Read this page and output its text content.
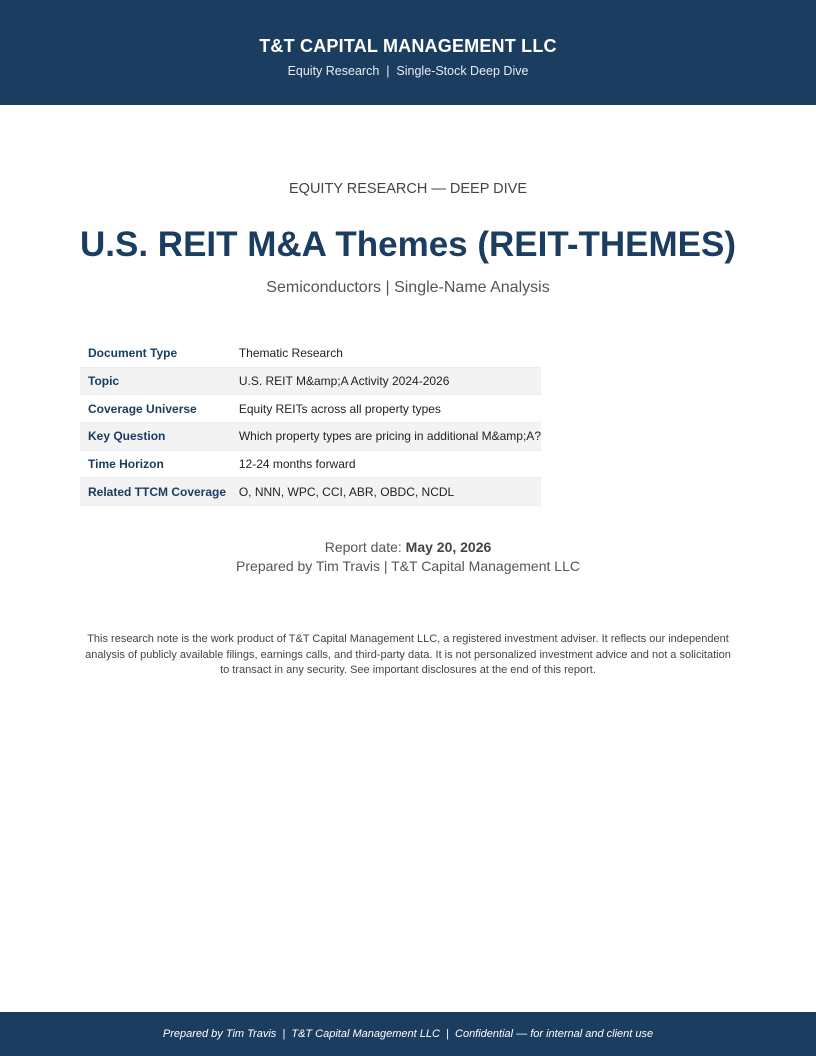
T&T CAPITAL MANAGEMENT LLC
Equity Research  |  Single-Stock Deep Dive
EQUITY RESEARCH — DEEP DIVE
U.S. REIT M&A Themes (REIT-THEMES)
Semiconductors | Single-Name Analysis
Document Type	Thematic Research
Topic	U.S. REIT M&amp;A Activity 2024-2026
Coverage Universe	Equity REITs across all property types
Key Question	Which property types are pricing in additional M&amp;A?
Time Horizon	12-24 months forward
Related TTCM Coverage	O, NNN, WPC, CCI, ABR, OBDC, NCDL
Report date: May 20, 2026
Prepared by Tim Travis | T&T Capital Management LLC
This research note is the work product of T&T Capital Management LLC, a registered investment adviser. It reflects our independent analysis of publicly available filings, earnings calls, and third-party data. It is not personalized investment advice and not a solicitation to transact in any security. See important disclosures at the end of this report.
Prepared by Tim Travis  |  T&T Capital Management LLC  |  Confidential — for internal and client use
